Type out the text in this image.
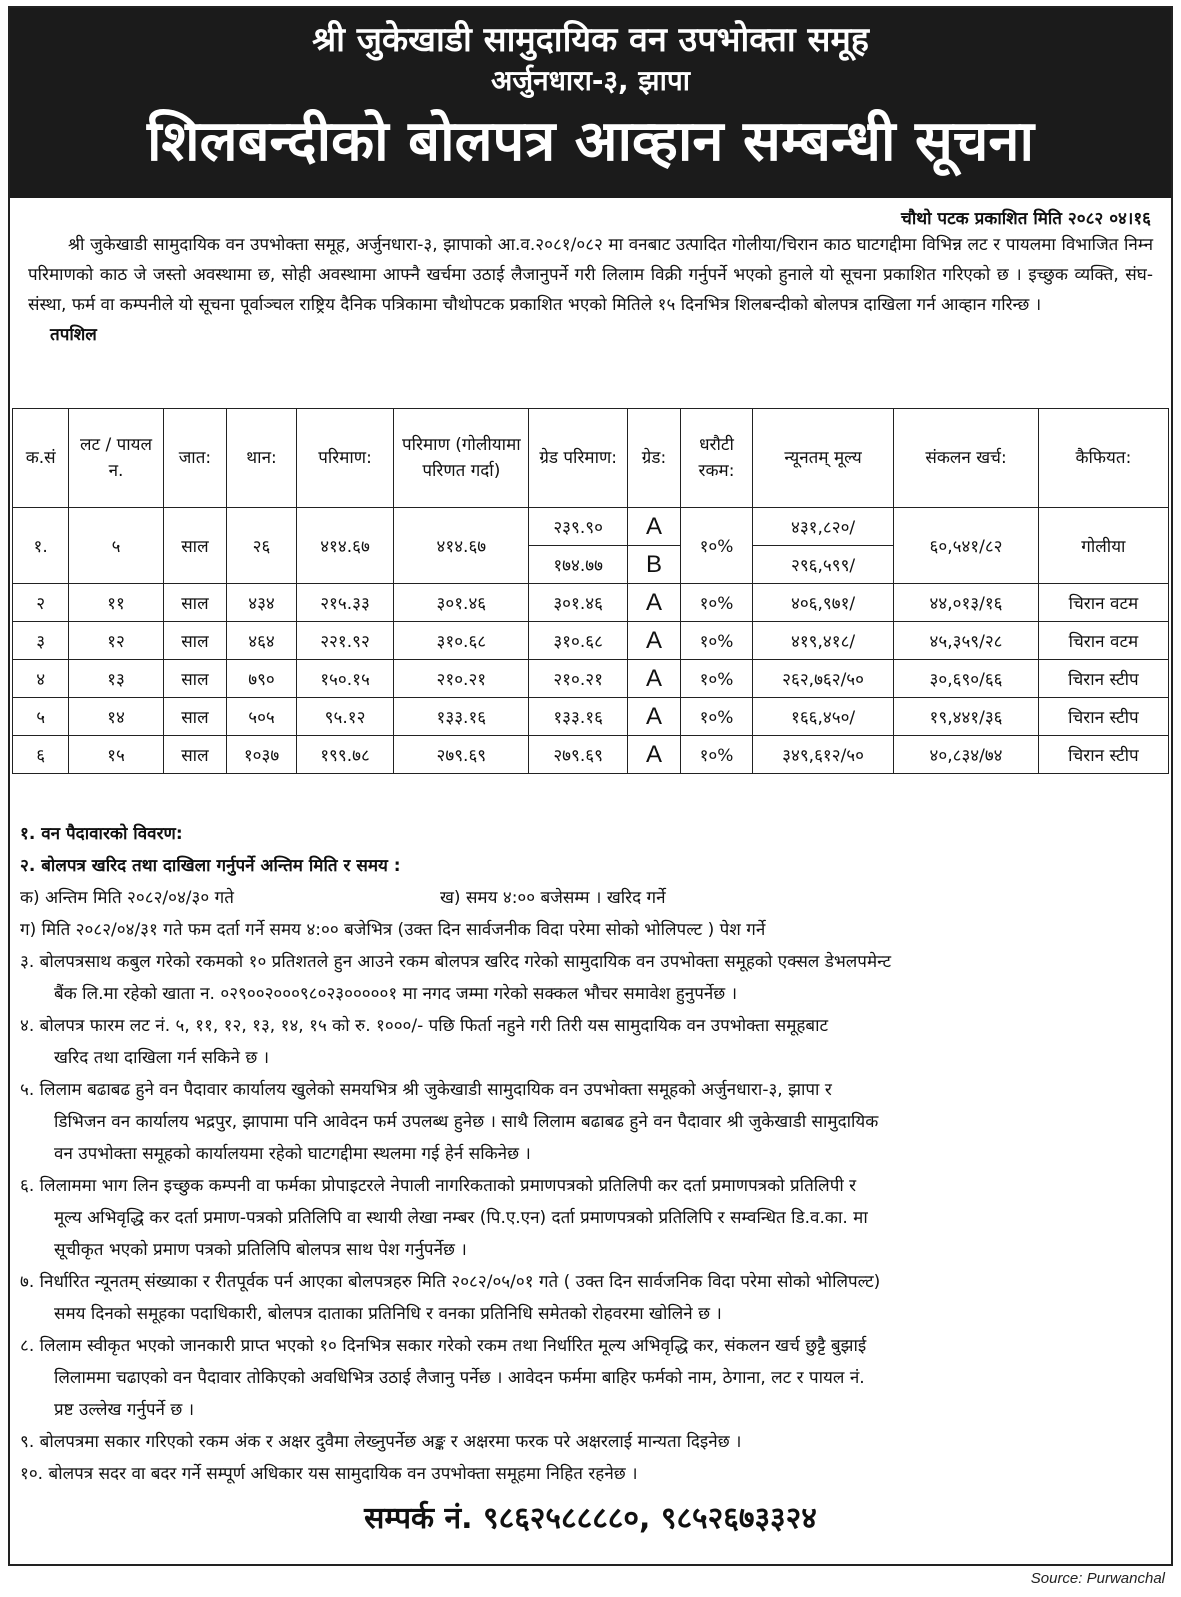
श्री जुकेखाडी सामुदायिक वन उपभोक्ता समूह
अर्जुनधारा-३, झापा
शिलबन्दीको बोलपत्र आव्हान सम्बन्धी सूचना
चौथो पटक प्रकाशित मिति २०८२ ०४।१६
श्री जुकेखाडी सामुदायिक वन उपभोक्ता समूह, अर्जुनधारा-३, झापाको आ.व.२०८१/०८२ मा वनबाट उत्पादित गोलीया/चिरान काठ घाटगद्दीमा विभिन्न लट र पायलमा विभाजित निम्न परिमाणको काठ जे जस्तो अवस्थामा छ, सोही अवस्थामा आफ्नै खर्चमा उठाई लैजानुपर्ने गरी लिलाम विक्री गर्नुपर्ने भएको हुनाले यो सूचना प्रकाशित गरिएको छ । इच्छुक व्यक्ति, संघ-संस्था, फर्म वा कम्पनीले यो सूचना पूर्वाञ्चल राष्ट्रिय दैनिक पत्रिकामा चौथोपटक प्रकाशित भएको मितिले १५ दिनभित्र शिलबन्दीको बोलपत्र दाखिला गर्न आव्हान गरिन्छ ।
तपशिल
क.सं	लट / पायल न.	जात:	थान:	परिमाण:	परिमाण (गोलीयामा परिणत गर्दा)	ग्रेड परिमाण:	ग्रेड:	धरौटी रकम:	न्यूनतम् मूल्य	संकलन खर्च:	कैफियत:
१.	५	साल	२६	४१४.६७	४१४.६७	२३९.९०	A	१०%	४३१,८२०/	६०,५४१/८२	गोलीया
						१७४.७७	B		२९६,५९९/		
२	११	साल	४३४	२१५.३३	३०१.४६	३०१.४६	A	१०%	४०६,९७१/	४४,०१३/१६	चिरान वटम
३	१२	साल	४६४	२२१.९२	३१०.६८	३१०.६८	A	१०%	४१९,४१८/	४५,३५९/२८	चिरान वटम
४	१३	साल	७९०	१५०.१५	२१०.२१	२१०.२१	A	१०%	२६२,७६२/५०	३०,६९०/६६	चिरान स्टीप
५	१४	साल	५०५	९५.१२	१३३.१६	१३३.१६	A	१०%	१६६,४५०/	१९,४४१/३६	चिरान स्टीप
६	१५	साल	१०३७	१९९.७८	२७९.६९	२७९.६९	A	१०%	३४९,६१२/५०	४०,८३४/७४	चिरान स्टीप
१. वन पैदावारको विवरण:
२. बोलपत्र खरिद तथा दाखिला गर्नुपर्ने अन्तिम मिति र समय :
क) अन्तिम मिति २०८२/०४/३० गते	ख) समय ४:०० बजेसम्म । खरिद गर्ने
ग) मिति २०८२/०४/३१ गते फम दर्ता गर्ने समय ४:०० बजेभित्र (उक्त दिन सार्वजनीक विदा परेमा सोको भोलिपल्ट ) पेश गर्ने
३. बोलपत्रसाथ कबुल गरेको रकमको १० प्रतिशतले हुन आउने रकम बोलपत्र खरिद गरेको सामुदायिक वन उपभोक्ता समूहको एक्सल डेभलपमेन्ट
बैंक लि.मा रहेको खाता न. ०२९००२०००९८०२३०००००१ मा नगद जम्मा गरेको सक्कल भौचर समावेश हुनुपर्नेछ ।
४. बोलपत्र फारम लट नं. ५, ११, १२, १३, १४, १५ को रु. १०००/- पछि फिर्ता नहुने गरी तिरी यस सामुदायिक वन उपभोक्ता समूहबाट
खरिद तथा दाखिला गर्न सकिने छ ।
५. लिलाम बढाबढ हुने वन पैदावार कार्यालय खुलेको समयभित्र श्री जुकेखाडी सामुदायिक वन उपभोक्ता समूहको अर्जुनधारा-३, झापा र
डिभिजन वन कार्यालय भद्रपुर, झापामा पनि आवेदन फर्म उपलब्ध हुनेछ । साथै लिलाम बढाबढ हुने वन पैदावार श्री जुकेखाडी सामुदायिक
वन उपभोक्ता समूहको कार्यालयमा रहेको घाटगद्दीमा स्थलमा गई हेर्न सकिनेछ ।
६. लिलाममा भाग लिन इच्छुक कम्पनी वा फर्मका प्रोपाइटरले नेपाली नागरिकताको प्रमाणपत्रको प्रतिलिपी कर दर्ता प्रमाणपत्रको प्रतिलिपी र
मूल्य अभिवृद्धि कर दर्ता प्रमाण-पत्रको प्रतिलिपि वा स्थायी लेखा नम्बर (पि.ए.एन) दर्ता प्रमाणपत्रको प्रतिलिपि र सम्वन्धित डि.व.का. मा
सूचीकृत भएको प्रमाण पत्रको प्रतिलिपि बोलपत्र साथ पेश गर्नुपर्नेछ ।
७. निर्धारित न्यूनतम् संख्याका र रीतपूर्वक पर्न आएका बोलपत्रहरु मिति २०८२/०५/०१ गते ( उक्त दिन सार्वजनिक विदा परेमा सोको भोलिपल्ट)
समय दिनको समूहका पदाधिकारी, बोलपत्र दाताका प्रतिनिधि र वनका प्रतिनिधि समेतको रोहवरमा खोलिने छ ।
८. लिलाम स्वीकृत भएको जानकारी प्राप्त भएको १० दिनभित्र सकार गरेको रकम तथा निर्धारित मूल्य अभिवृद्धि कर, संकलन खर्च छुट्टै बुझाई
लिलाममा चढाएको वन पैदावार तोकिएको अवधिभित्र उठाई लैजानु पर्नेछ । आवेदन फर्ममा बाहिर फर्मको नाम, ठेगाना, लट र पायल नं.
प्रष्ट उल्लेख गर्नुपर्ने छ ।
९. बोलपत्रमा सकार गरिएको रकम अंक र अक्षर दुवैमा लेख्नुपर्नेछ अङ्क र अक्षरमा फरक परे अक्षरलाई मान्यता दिइनेछ ।
१०. बोलपत्र सदर वा बदर गर्ने सम्पूर्ण अधिकार यस सामुदायिक वन उपभोक्ता समूहमा निहित रहनेछ ।
सम्पर्क नं. ९८६२५८८८८०, ९८५२६७३३२४
Source: Purwanchal
